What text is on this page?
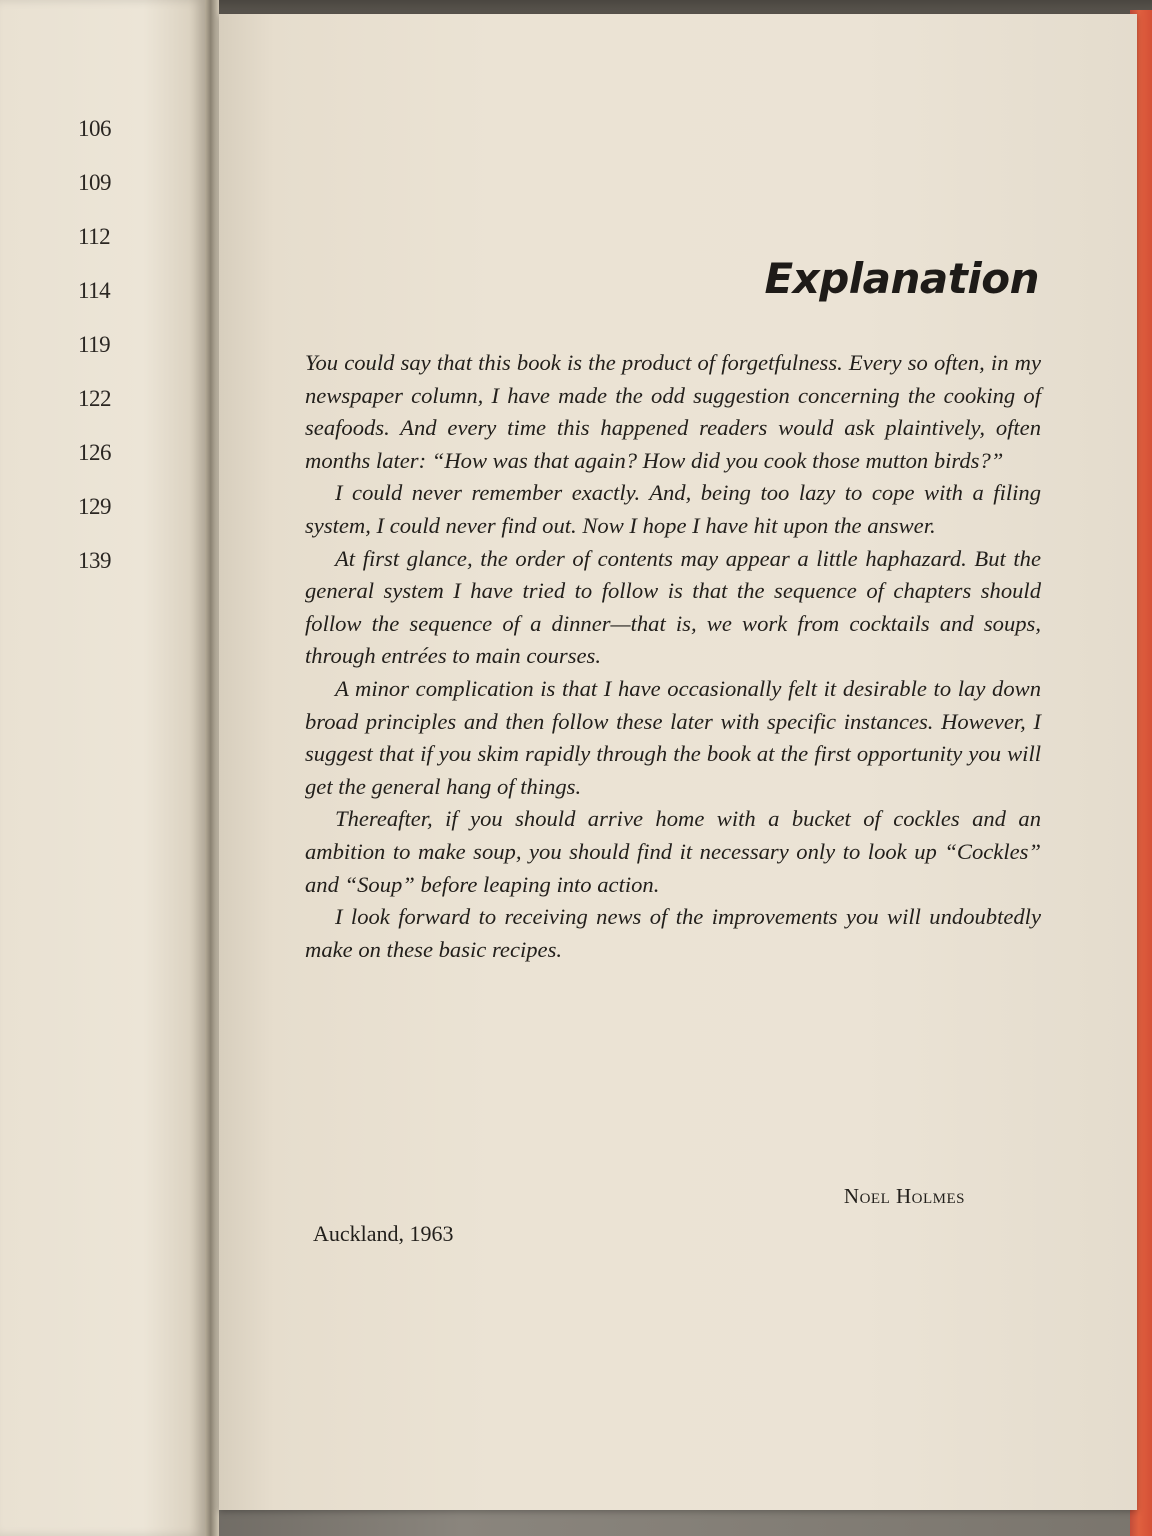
106
109
112
114
119
122
126
129
139
Explanation

You could say that this book is the product of forgetfulness. Every so often, in my newspaper column, I have made the odd suggestion concerning the cooking of seafoods. And every time this happened readers would ask plaintively, often months later: “How was that again? How did you cook those mutton birds?”

I could never remember exactly. And, being too lazy to cope with a filing system, I could never find out. Now I hope I have hit upon the answer.

At first glance, the order of contents may appear a little haphazard. But the general system I have tried to follow is that the sequence of chapters should follow the sequence of a dinner—that is, we work from cocktails and soups, through entrées to main courses.

A minor complication is that I have occasionally felt it desirable to lay down broad principles and then follow these later with specific instances. However, I suggest that if you skim rapidly through the book at the first opportunity you will get the general hang of things.

Thereafter, if you should arrive home with a bucket of cockles and an ambition to make soup, you should find it necessary only to look up “Cockles” and “Soup” before leaping into action.

I look forward to receiving news of the improvements you will undoubtedly make on these basic recipes.

Noel Holmes
Auckland, 1963
